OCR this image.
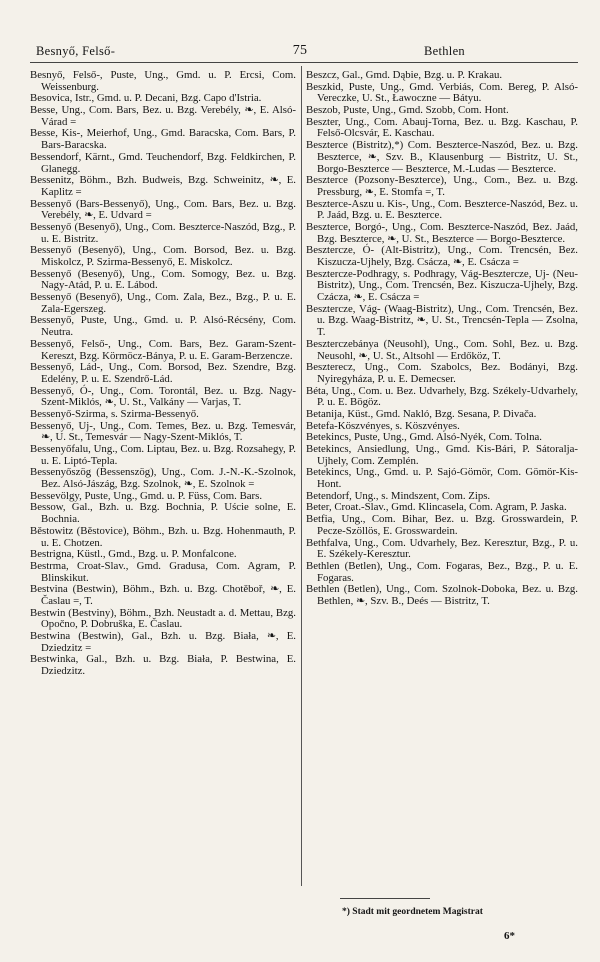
Besnyő, Felső-	75	Bethlen

Besnyő, Felső-, Puste, Ung., Gmd. u. P. Ercsi, Com. Weissenburg.

Besovica, Istr., Gmd. u. P. Decani, Bzg. Capo d'Istria.

Besse, Ung., Com. Bars, Bez. u. Bzg. Verebély, ❧, E. Alsó-Várad =

Besse, Kis-, Meierhof, Ung., Gmd. Baracska, Com. Bars, P. Bars-Baracska.

Bessendorf, Kärnt., Gmd. Teuchendorf, Bzg. Feldkirchen, P. Glanegg.

Bessenitz, Böhm., Bzh. Budweis, Bzg. Schweinitz, ❧, E. Kaplitz =

Bessenyő (Bars-Bessenyő), Ung., Com. Bars, Bez. u. Bzg. Verebély, ❧, E. Udvard =

Bessenyő (Besenyő), Ung., Com. Beszterce-Naszód, Bzg., P. u. E. Bistritz.

Bessenyő (Besenyő), Ung., Com. Borsod, Bez. u. Bzg. Miskolcz, P. Szirma-Bessenyő, E. Miskolcz.

Bessenyő (Besenyő), Ung., Com. Somogy, Bez. u. Bzg. Nagy-Atád, P. u. E. Lábod.

Bessenyő (Besenyő), Ung., Com. Zala, Bez., Bzg., P. u. E. Zala-Egerszeg.

Bessenyő, Puste, Ung., Gmd. u. P. Alsó-Récsény, Com. Neutra.

Bessenyő, Felső-, Ung., Com. Bars, Bez. Garam-Szent-Kereszt, Bzg. Körmöcz-Bánya, P. u. E. Garam-Berzencze.

Bessenyő, Lád-, Ung., Com. Borsod, Bez. Szendre, Bzg. Edelény, P. u. E. Szendrő-Lád.

Bessenyő, Ó-, Ung., Com. Torontál, Bez. u. Bzg. Nagy-Szent-Miklós, ❧, U. St., Valkány — Varjas, T.

Bessenyő-Szirma, s. Szirma-Bessenyő.

Bessenyő, Uj-, Ung., Com. Temes, Bez. u. Bzg. Temesvár, ❧, U. St., Temesvár — Nagy-Szent-Miklós, T.

Bessenyőfalu, Ung., Com. Liptau, Bez. u. Bzg. Rozsahegy, P. u. E. Liptó-Tepla.

Bessenyőszög (Bessenszög), Ung., Com. J.-N.-K.-Szolnok, Bez. Alsó-Jászág, Bzg. Szolnok, ❧, E. Szolnok =

Bessevölgy, Puste, Ung., Gmd. u. P. Füss, Com. Bars.

Bessow, Gal., Bzh. u. Bzg. Bochnia, P. Uście solne, E. Bochnia.

Běstowitz (Běstovice), Böhm., Bzh. u. Bzg. Hohenmauth, P. u. E. Chotzen.

Bestrigna, Küstl., Gmd., Bzg. u. P. Monfalcone.

Bestrma, Croat-Slav., Gmd. Gradusa, Com. Agram, P. Blinskikut.

Bestvina (Bestwin), Böhm., Bzh. u. Bzg. Chotěboř, ❧, E. Časlau =, T.

Bestwin (Bestviny), Böhm., Bzh. Neustadt a. d. Mettau, Bzg. Opočno, P. Dobruška, E. Časlau.

Bestwina (Bestwin), Gal., Bzh. u. Bzg. Biała, ❧, E. Dziedzitz =

Bestwinka, Gal., Bzh. u. Bzg. Biała, P. Bestwina, E. Dziedzitz.

Beszcz, Gal., Gmd. Dąbie, Bzg. u. P. Krakau.

Beszkid, Puste, Ung., Gmd. Verbiás, Com. Bereg, P. Alsó-Vereczke, U. St., Ławoczne — Bátyu.

Beszob, Puste, Ung., Gmd. Szobb, Com. Hont.

Beszter, Ung., Com. Abauj-Torna, Bez. u. Bzg. Kaschau, P. Felső-Olcsvár, E. Kaschau.

Beszterce (Bistritz),*) Com. Beszterce-Naszód, Bez. u. Bzg. Beszterce, ❧, Szv. B., Klausenburg — Bistritz, U. St., Borgo-Beszterce — Beszterce, M.-Ludas — Beszterce.

Beszterce (Pozsony-Beszterce), Ung., Com., Bez. u. Bzg. Pressburg, ❧, E. Stomfa =, T.

Beszterce-Aszu u. Kis-, Ung., Com. Beszterce-Naszód, Bez. u. P. Jaád, Bzg. u. E. Beszterce.

Beszterce, Borgó-, Ung., Com. Beszterce-Naszód, Bez. Jaád, Bzg. Beszterce, ❧, U. St., Beszterce — Borgo-Beszterce.

Besztercze, Ó- (Alt-Bistritz), Ung., Com. Trencsén, Bez. Kiszucza-Ujhely, Bzg. Csácza, ❧, E. Csácza =

Besztercze-Podhragy, s. Podhragy, Vág-Besztercze, Uj- (Neu-Bistritz), Ung., Com. Trencsén, Bez. Kiszucza-Ujhely, Bzg. Czácza, ❧, E. Csácza =

Besztercze, Vág- (Waag-Bistritz), Ung., Com. Trencsén, Bez. u. Bzg. Waag-Bistritz, ❧, U. St., Trencsén-Tepla — Zsolna, T.

Beszterczebánya (Neusohl), Ung., Com. Sohl, Bez. u. Bzg. Neusohl, ❧, U. St., Altsohl — Erdőköz, T.

Beszterecz, Ung., Com. Szabolcs, Bez. Bodányi, Bzg. Nyiregyháza, P. u. E. Demecser.

Béta, Ung., Com. u. Bez. Udvarhely, Bzg. Székely-Udvarhely, P. u. E. Bögöz.

Betanija, Küst., Gmd. Nakló, Bzg. Sesana, P. Divača.

Betefa-Köszvényes, s. Köszvényes.

Betekincs, Puste, Ung., Gmd. Alsó-Nyék, Com. Tolna.

Betekincs, Ansiedlung, Ung., Gmd. Kis-Bári, P. Sátoralja-Ujhely, Com. Zemplén.

Betekincs, Ung., Gmd. u. P. Sajó-Gömör, Com. Gömör-Kis-Hont.

Betendorf, Ung., s. Mindszent, Com. Zips.

Beter, Croat.-Slav., Gmd. Klincasela, Com. Agram, P. Jaska.

Betfia, Ung., Com. Bihar, Bez. u. Bzg. Grosswardein, P. Pecze-Szöllös, E. Grosswardein.

Bethfalva, Ung., Com. Udvarhely, Bez. Keresztur, Bzg., P. u. E. Székely-Keresztur.

Bethlen (Betlen), Ung., Com. Fogaras, Bez., Bzg., P. u. E. Fogaras.

Bethlen (Betlen), Ung., Com. Szolnok-Doboka, Bez. u. Bzg. Bethlen, ❧, Szv. B., Deés — Bistritz, T.

*) Stadt mit geordnetem Magistrat
6*
